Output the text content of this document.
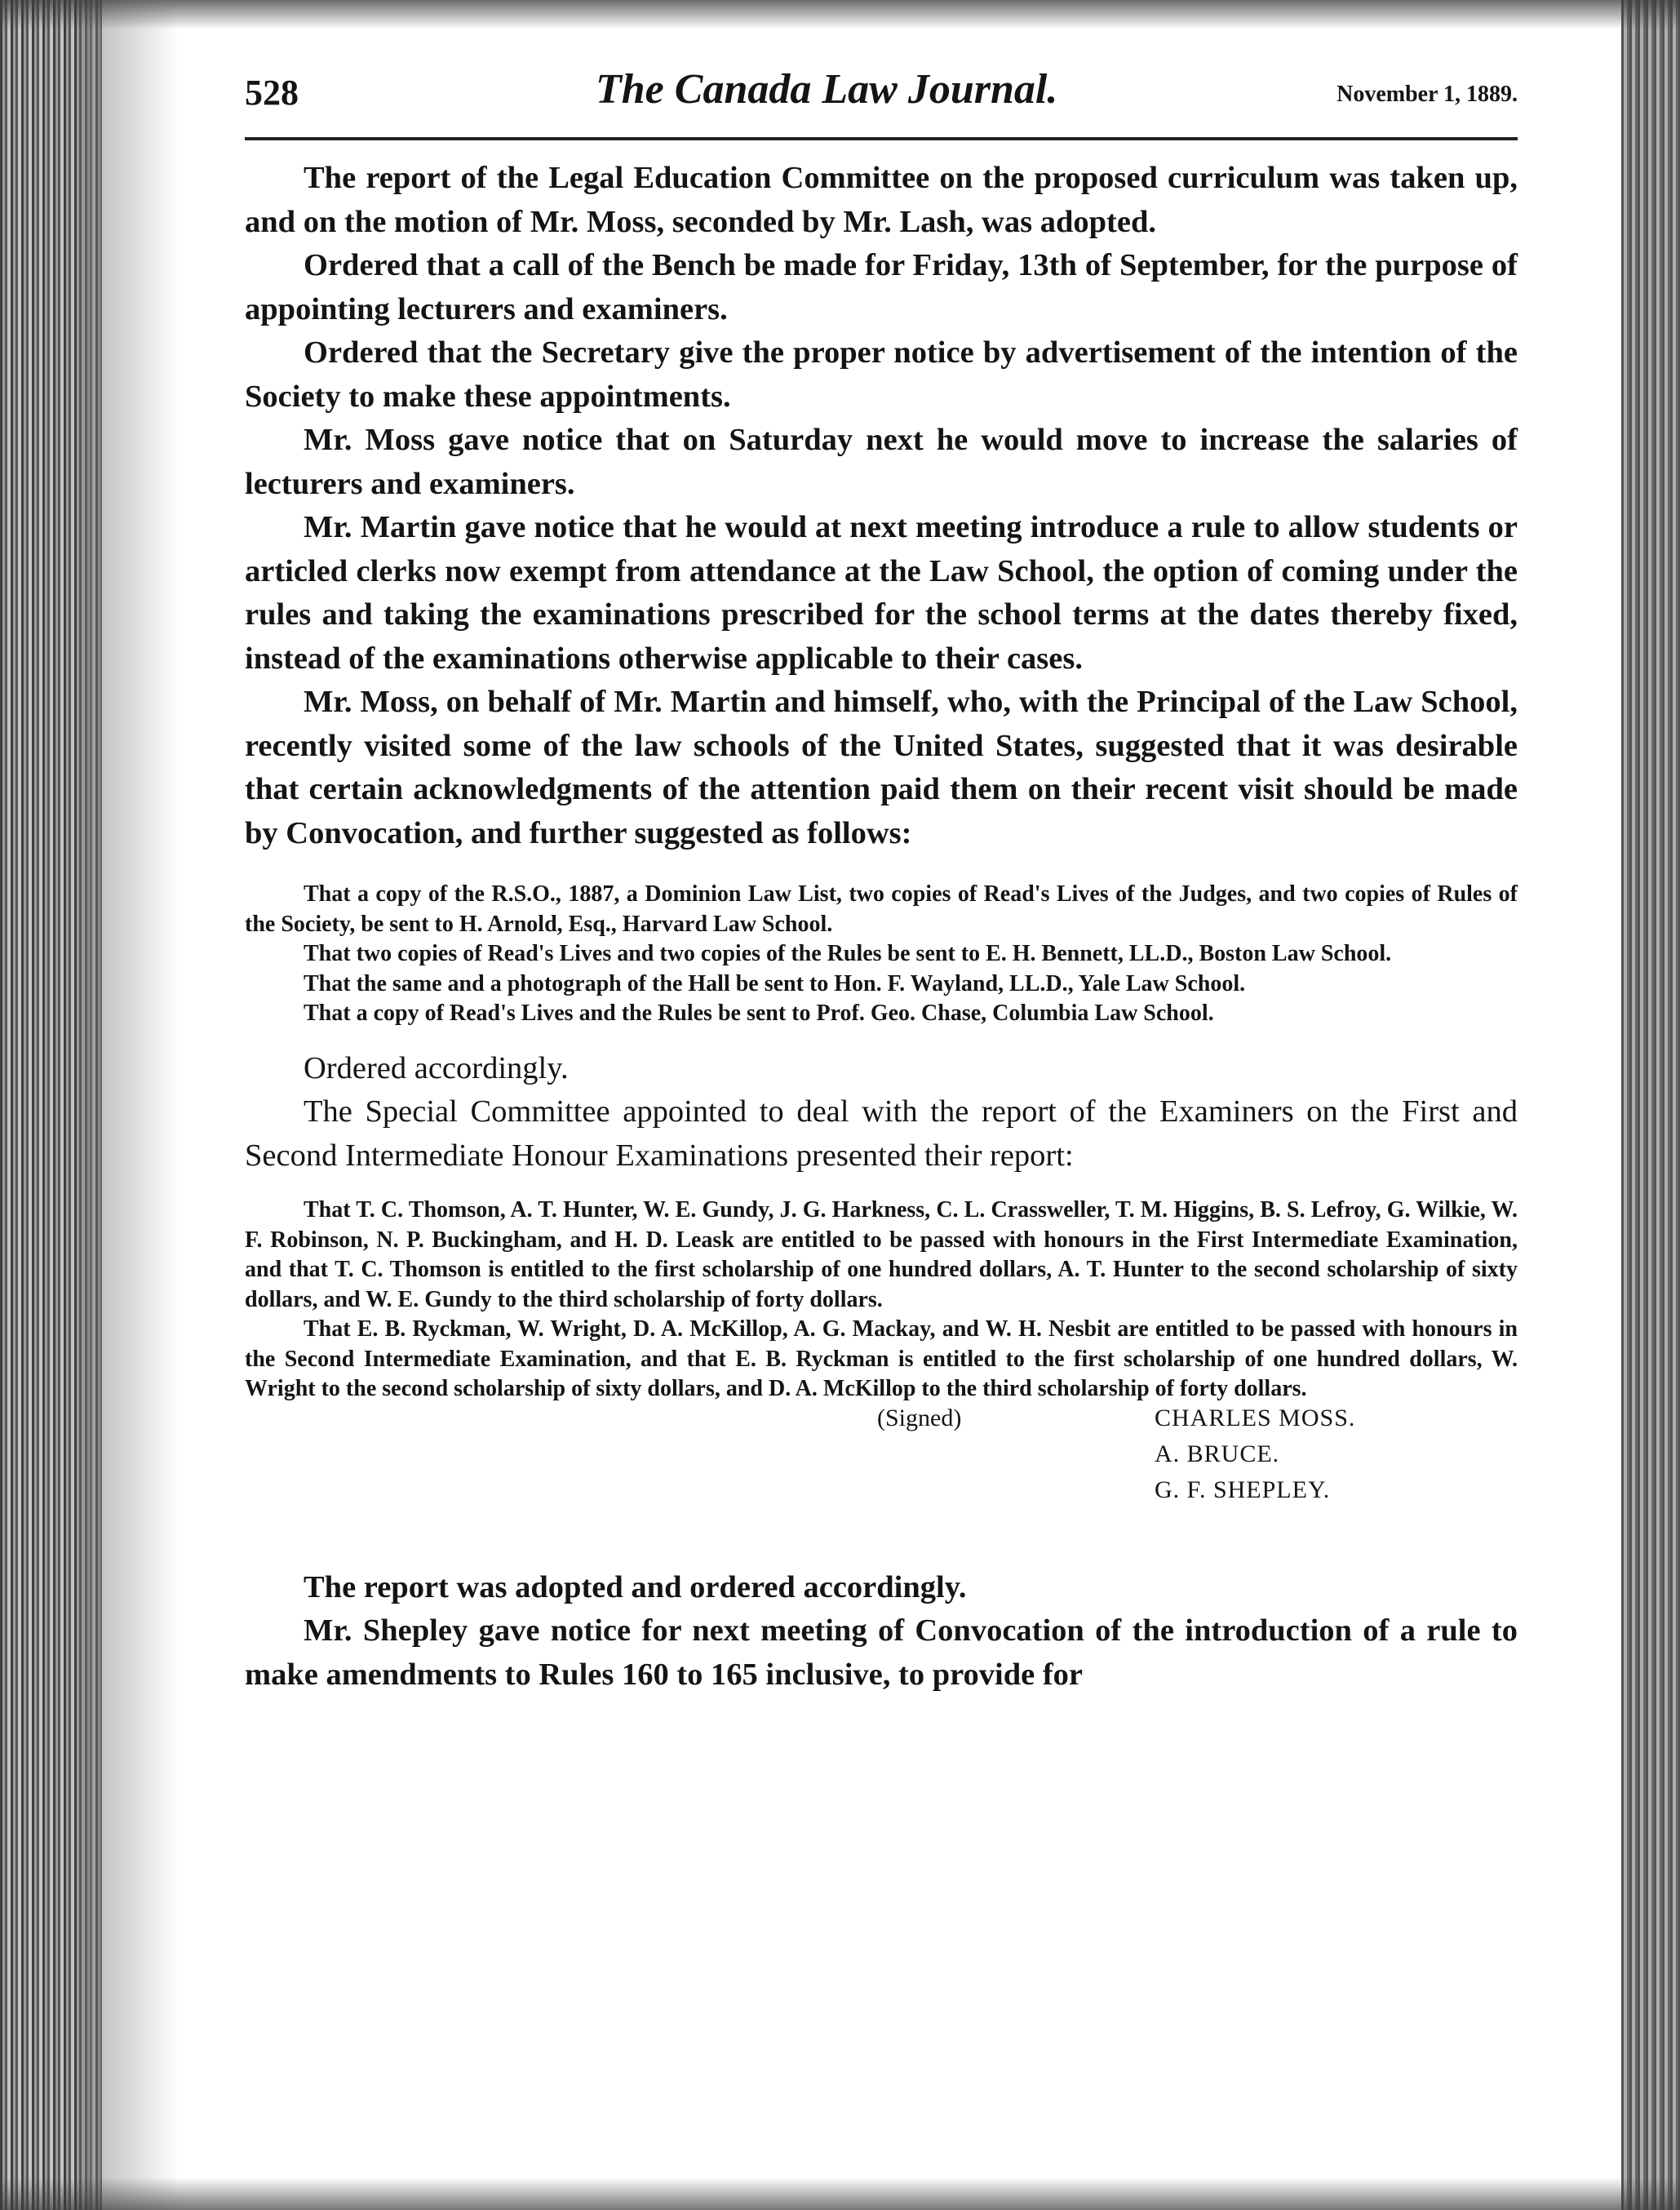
528	The Canada Law Journal.	November 1, 1889.

The report of the Legal Education Committee on the proposed curriculum was taken up, and on the motion of Mr. Moss, seconded by Mr. Lash, was adopted.

Ordered that a call of the Bench be made for Friday, 13th of September, for the purpose of appointing lecturers and examiners.

Ordered that the Secretary give the proper notice by advertisement of the intention of the Society to make these appointments.

Mr. Moss gave notice that on Saturday next he would move to increase the salaries of lecturers and examiners.

Mr. Martin gave notice that he would at next meeting introduce a rule to allow students or articled clerks now exempt from attendance at the Law School, the option of coming under the rules and taking the examinations prescribed for the school terms at the dates thereby fixed, instead of the examinations otherwise applicable to their cases.

Mr. Moss, on behalf of Mr. Martin and himself, who, with the Principal of the Law School, recently visited some of the law schools of the United States, suggested that it was desirable that certain acknowledgments of the attention paid them on their recent visit should be made by Convocation, and further suggested as follows:

That a copy of the R.S.O., 1887, a Dominion Law List, two copies of Read's Lives of the Judges, and two copies of Rules of the Society, be sent to H. Arnold, Esq., Harvard Law School.

That two copies of Read's Lives and two copies of the Rules be sent to E. H. Bennett, LL.D., Boston Law School.

That the same and a photograph of the Hall be sent to Hon. F. Wayland, LL.D., Yale Law School.

That a copy of Read's Lives and the Rules be sent to Prof. Geo. Chase, Columbia Law School.

Ordered accordingly.

The Special Committee appointed to deal with the report of the Examiners on the First and Second Intermediate Honour Examinations presented their report:

That T. C. Thomson, A. T. Hunter, W. E. Gundy, J. G. Harkness, C. L. Crassweller, T. M. Higgins, B. S. Lefroy, G. Wilkie, W. F. Robinson, N. P. Buckingham, and H. D. Leask are entitled to be passed with honours in the First Intermediate Examination, and that T. C. Thomson is entitled to the first scholarship of one hundred dollars, A. T. Hunter to the second scholarship of sixty dollars, and W. E. Gundy to the third scholarship of forty dollars.

That E. B. Ryckman, W. Wright, D. A. McKillop, A. G. Mackay, and W. H. Nesbit are entitled to be passed with honours in the Second Intermediate Examination, and that E. B. Ryckman is entitled to the first scholarship of one hundred dollars, W. Wright to the second scholarship of sixty dollars, and D. A. McKillop to the third scholarship of forty dollars.

(Signed)	CHARLES MOSS.
A. BRUCE.
G. F. SHEPLEY.

The report was adopted and ordered accordingly.

Mr. Shepley gave notice for next meeting of Convocation of the introduction of a rule to make amendments to Rules 160 to 165 inclusive, to provide for
